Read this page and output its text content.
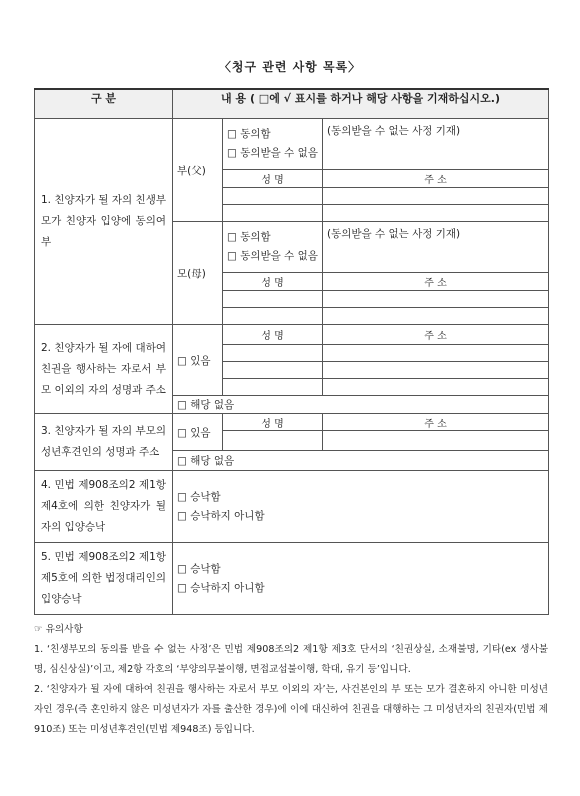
〈청구 관련 사항 목록〉
구 분	내 용 ( □에 √ 표시를 하거나 해당 사항을 기재하십시오.)		
1. 친양자가 될 자의 친생부모가 친양자 입양에 동의여부	부(父)	□ 동의함
□ 동의받을 수 없음	(동의받을 수 없는 사정 기재)
		성 명	주 소

	모(母)	□ 동의함
□ 동의받을 수 없음	(동의받을 수 없는 사정 기재)
		성 명	주 소

2. 친양자가 될 자에 대하여 친권을 행사하는 자로서 부모 이외의 자의 성명과 주소	□ 있음	성 명	주 소

	□ 해당 없음		
3. 친양자가 될 자의 부모의 성년후견인의 성명과 주소	□ 있음	성 명	주 소

	□ 해당 없음		
4. 민법 제908조의2 제1항 제4호에 의한 친양자가 될 자의 입양승낙	□ 승낙함
□ 승낙하지 아니함		

5. 민법 제908조의2 제1항 제5호에 의한 법정대리인의 입양승낙	□ 승낙함
□ 승낙하지 아니함		

☞ 유의사항

1. ‘친생부모의 동의를 받을 수 없는 사정’은 민법 제908조의2 제1항 제3호 단서의 ‘친권상실, 소재불명, 기타(ex 생사불명, 심신상실)’이고, 제2항 각호의 ‘부양의무불이행, 면접교섭불이행, 학대, 유기 등’입니다.

2. ‘친양자가 될 자에 대하여 친권을 행사하는 자로서 부모 이외의 자’는, 사건본인의 부 또는 모가 결혼하지 아니한 미성년자인 경우(즉 혼인하지 않은 미성년자가 자를 출산한 경우)에 이에 대신하여 친권을 대행하는 그 미성년자의 친권자(민법 제910조) 또는 미성년후견인(민법 제948조) 등입니다.
